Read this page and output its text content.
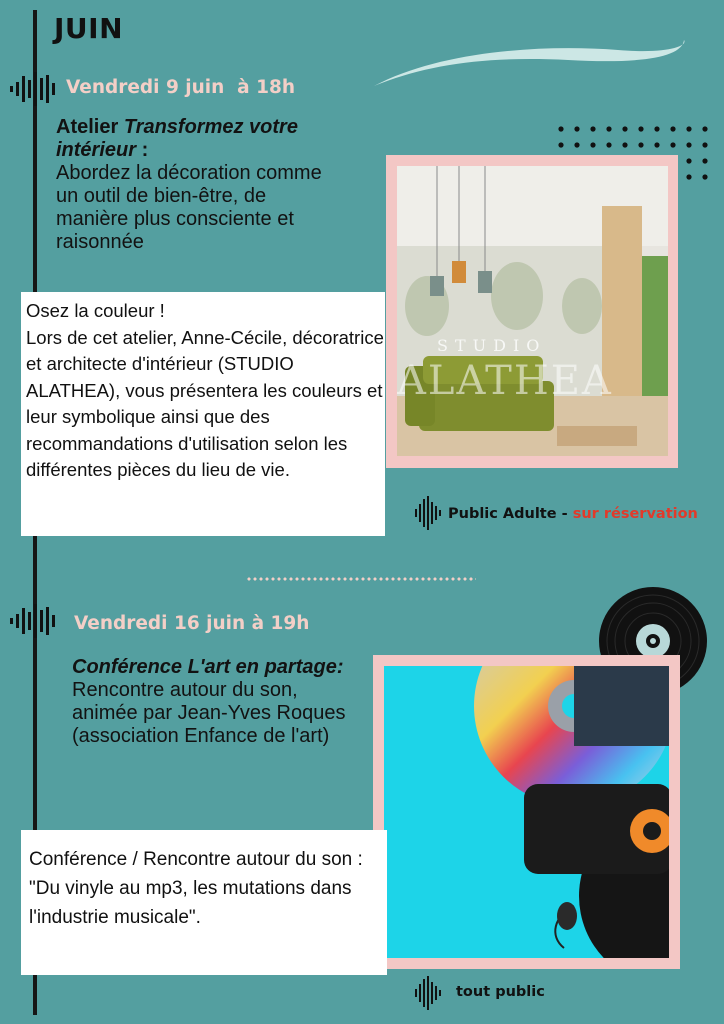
JUIN
Vendredi 9 juin  à 18h
Atelier Transformez votre intérieur :
Abordez la décoration comme un outil de bien-être, de manière plus consciente et raisonnée
STUDIO
ALATHEA
Osez la couleur !
Lors de cet atelier, Anne-Cécile, décoratrice et architecte d'intérieur (STUDIO ALATHEA), vous présentera les couleurs et leur symbolique ainsi que des recommandations d'utilisation selon les différentes pièces du lieu de vie.
Public Adulte - sur réservation
Vendredi 16 juin à 19h
Conférence L'art en partage: Rencontre autour du son, animée par Jean-Yves Roques (association Enfance de l'art)
Conférence / Rencontre autour du son : "Du vinyle au mp3, les mutations dans l'industrie musicale".
tout public
